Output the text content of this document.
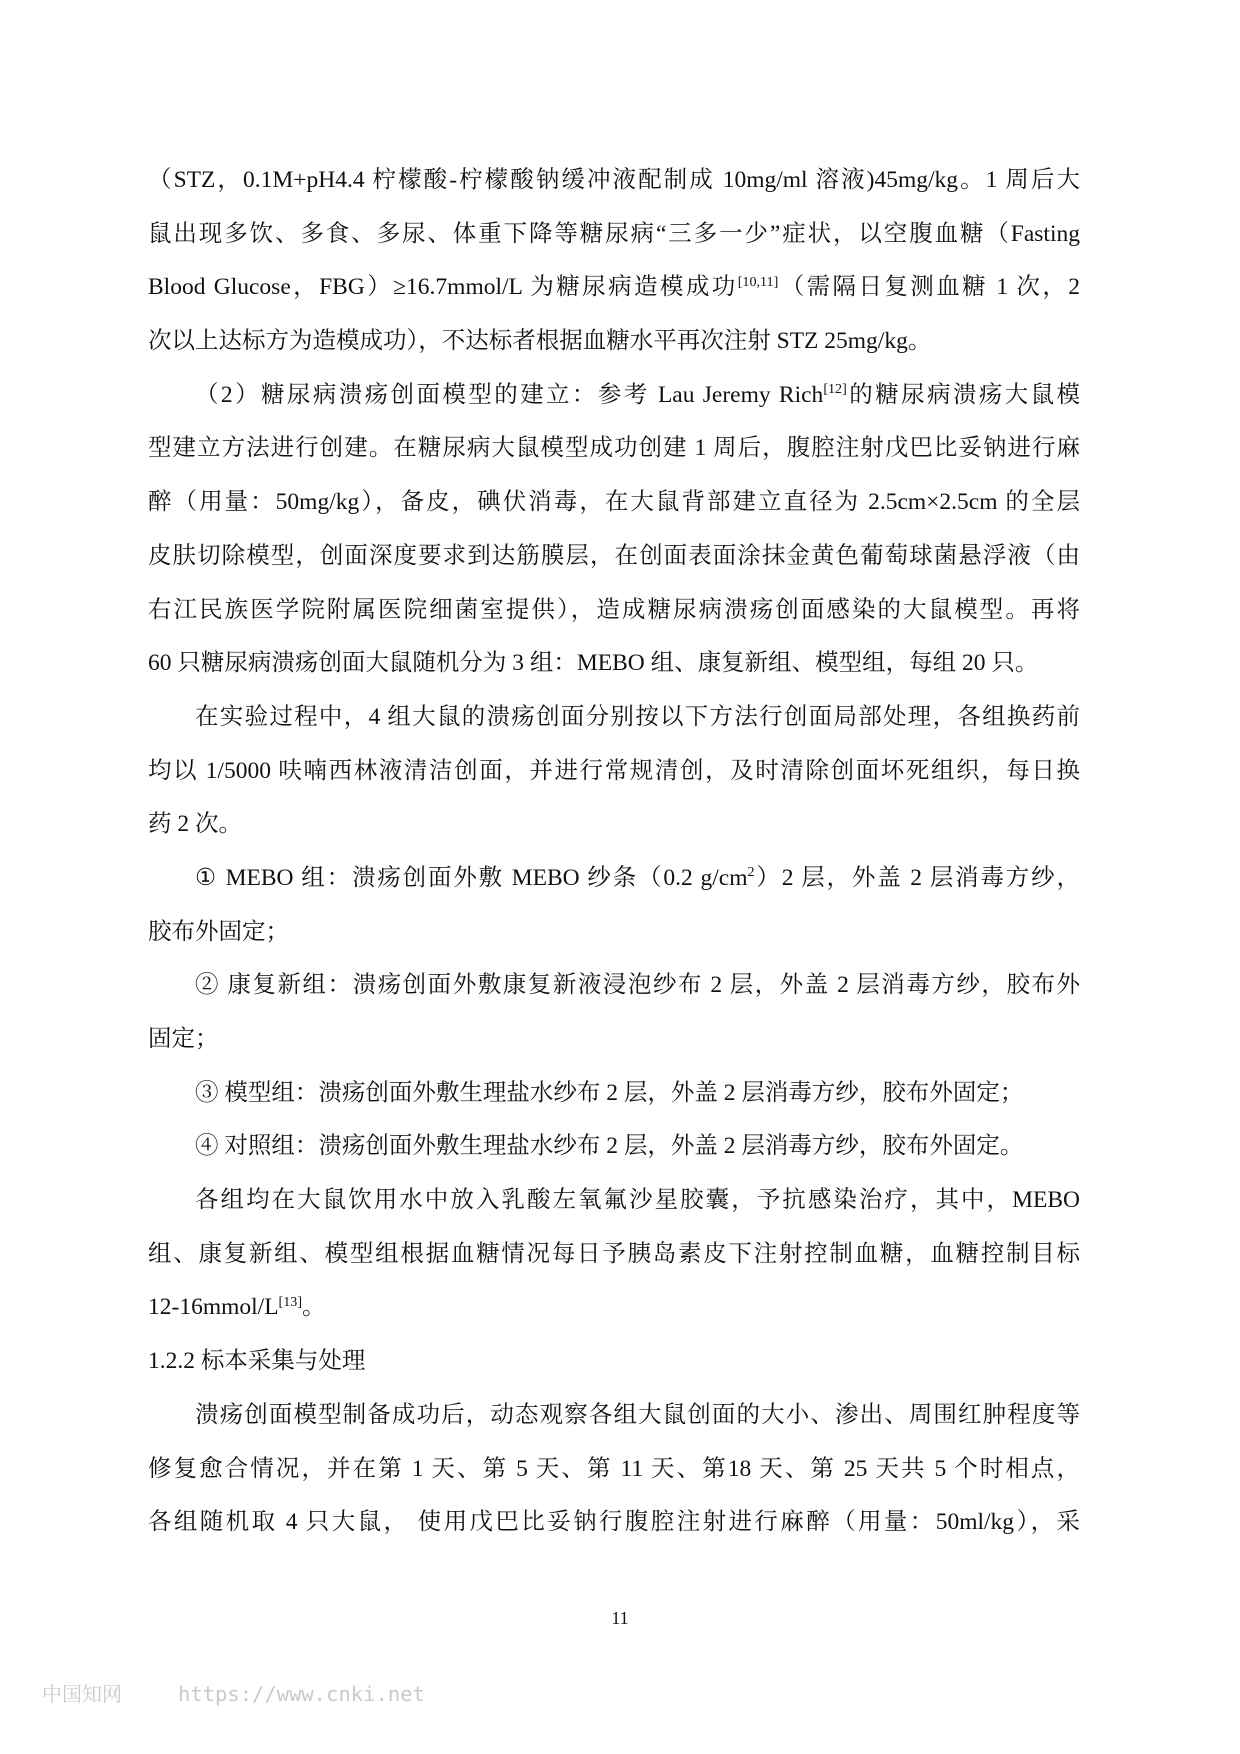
（STZ，0.1M+pH4.4 柠檬酸-柠檬酸钠缓冲液配制成 10mg/ml 溶液)45mg/kg。1 周后大
鼠出现多饮、多食、多尿、体重下降等糖尿病“三多一少”症状，以空腹血糖（Fasting
Blood Glucose，FBG）≥16.7mmol/L 为糖尿病造模成功[10,11]（需隔日复测血糖 1 次，2
次以上达标方为造模成功），不达标者根据血糖水平再次注射 STZ 25mg/kg。
（2）糖尿病溃疡创面模型的建立：参考 Lau Jeremy Rich[12]的糖尿病溃疡大鼠模
型建立方法进行创建。在糖尿病大鼠模型成功创建 1 周后，腹腔注射戊巴比妥钠进行麻
醉（用量：50mg/kg），备皮，碘伏消毒，在大鼠背部建立直径为 2.5cm×2.5cm 的全层
皮肤切除模型，创面深度要求到达筋膜层，在创面表面涂抹金黄色葡萄球菌悬浮液（由
右江民族医学院附属医院细菌室提供），造成糖尿病溃疡创面感染的大鼠模型。再将
60 只糖尿病溃疡创面大鼠随机分为 3 组：MEBO 组、康复新组、模型组，每组 20 只。
在实验过程中，4 组大鼠的溃疡创面分别按以下方法行创面局部处理，各组换药前
均以 1/5000 呋喃西林液清洁创面，并进行常规清创，及时清除创面坏死组织，每日换
药 2 次。
① MEBO 组：溃疡创面外敷 MEBO 纱条（0.2 $g/cm^2)2$ 层，外盖 2 层消毒方纱，
胶布外固定；
② 康复新组：溃疡创面外敷康复新液浸泡纱布 2 层，外盖 2 层消毒方纱，胶布外
固定；
③ 模型组：溃疡创面外敷生理盐水纱布 2 层，外盖 2 层消毒方纱，胶布外固定；
④ 对照组：溃疡创面外敷生理盐水纱布 2 层，外盖 2 层消毒方纱，胶布外固定。
各组均在大鼠饮用水中放入乳酸左氧氟沙星胶囊，予抗感染治疗，其中，MEBO
组、康复新组、模型组根据血糖情况每日予胰岛素皮下注射控制血糖，血糖控制目标
12-16mmol/L[13]。
1.2.2 标本采集与处理
溃疡创面模型制备成功后，动态观察各组大鼠创面的大小、渗出、周围红肿程度等
修复愈合情况，并在第 1 天、第 5 天、第 11 天、第18 天、第 25 天共 5 个时相点，
各组随机取 4 只大鼠， 使用戊巴比妥钠行腹腔注射进行麻醉（用量：50ml/kg），采
11
中国知网	https://www.cnki.net
